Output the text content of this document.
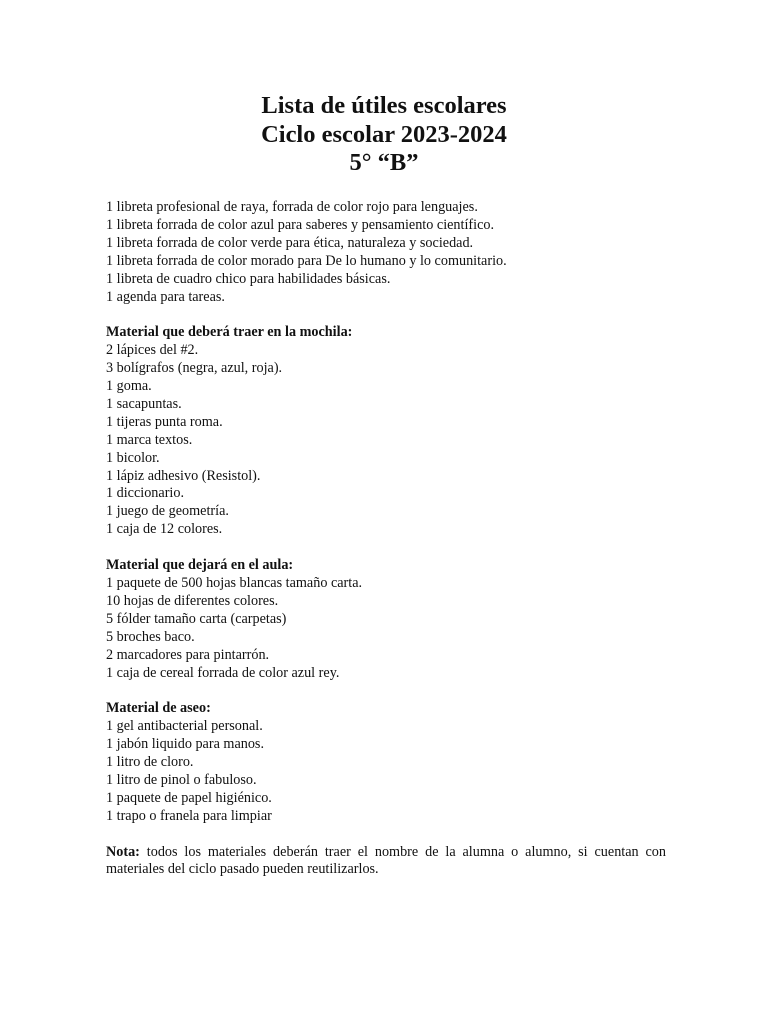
Lista de útiles escolares
Ciclo escolar 2023-2024
5° “B”
1 libreta profesional de raya, forrada de color rojo para lenguajes.
1 libreta forrada de color azul para saberes y pensamiento científico.
1 libreta forrada de color verde para ética, naturaleza y sociedad.
1 libreta forrada de color morado para De lo humano y lo comunitario.
1 libreta de cuadro chico para habilidades básicas.
1 agenda para tareas.
Material que deberá traer en la mochila:
2 lápices del #2.
3 bolígrafos (negra, azul, roja).
1 goma.
1 sacapuntas.
1 tijeras punta roma.
1 marca textos.
1 bicolor.
1 lápiz adhesivo (Resistol).
1 diccionario.
1 juego de geometría.
1 caja de 12 colores.
Material que dejará en el aula:
1 paquete de 500 hojas blancas tamaño carta.
10 hojas de diferentes colores.
5 fólder tamaño carta (carpetas)
5 broches baco.
2 marcadores para pintarrón.
1 caja de cereal forrada de color azul rey.
Material de aseo:
1 gel antibacterial personal.
1 jabón liquido para manos.
1 litro de cloro.
1 litro de pinol o fabuloso.
1 paquete de papel higiénico.
1 trapo o franela para limpiar
Nota: todos los materiales deberán traer el nombre de la alumna o alumno, si cuentan con materiales del ciclo pasado pueden reutilizarlos.
